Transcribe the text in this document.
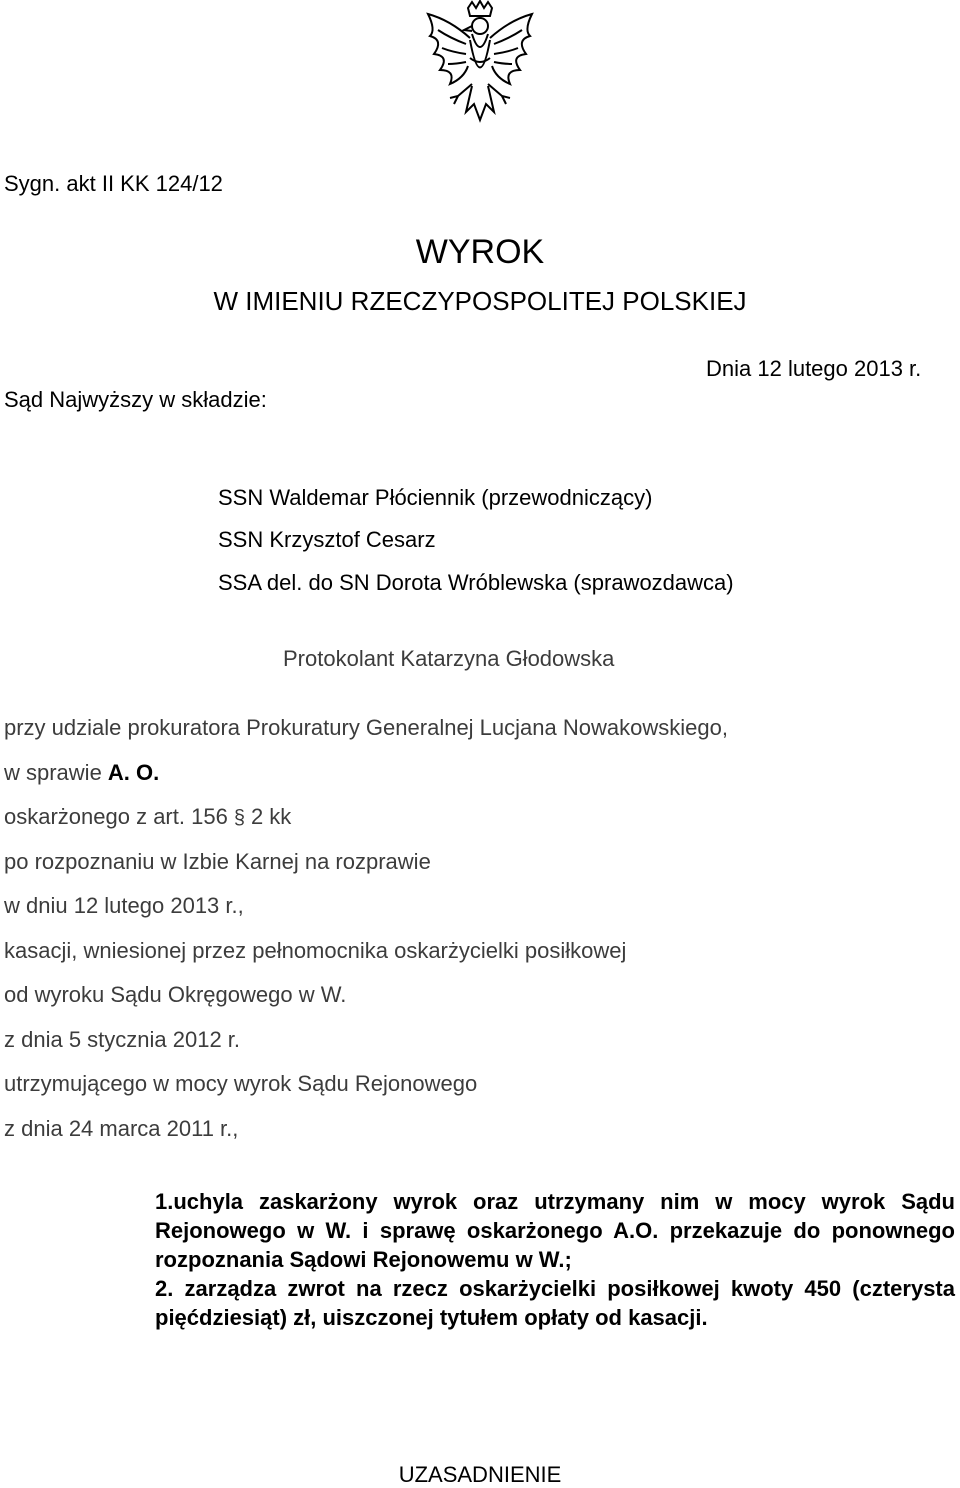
Sygn. akt II KK 124/12
WYROK
W IMIENIU RZECZYPOSPOLITEJ POLSKIEJ
Dnia 12 lutego 2013 r.
Sąd Najwyższy w składzie:
SSN Waldemar Płóciennik (przewodniczący)
SSN Krzysztof Cesarz
SSA del. do SN Dorota Wróblewska (sprawozdawca)
Protokolant Katarzyna Głodowska
przy udziale prokuratora Prokuratury Generalnej Lucjana Nowakowskiego,
w sprawie A. O.
oskarżonego z art. 156 § 2 kk
po rozpoznaniu w Izbie Karnej na rozprawie
w dniu 12 lutego 2013 r.,
kasacji, wniesionej przez pełnomocnika oskarżycielki posiłkowej
od wyroku Sądu Okręgowego w W.
z dnia 5 stycznia 2012 r.
utrzymującego w mocy wyrok Sądu Rejonowego
z dnia 24 marca 2011 r.,

1.uchyla zaskarżony wyrok oraz utrzymany nim w mocy wyrok Sądu Rejonowego w W. i sprawę oskarżonego A.O. przekazuje do ponownego rozpoznania Sądowi Rejonowemu w W.;

2. zarządza zwrot na rzecz oskarżycielki posiłkowej kwoty 450 (czterysta pięćdziesiąt) zł, uiszczonej tytułem opłaty od kasacji.

UZASADNIENIE
